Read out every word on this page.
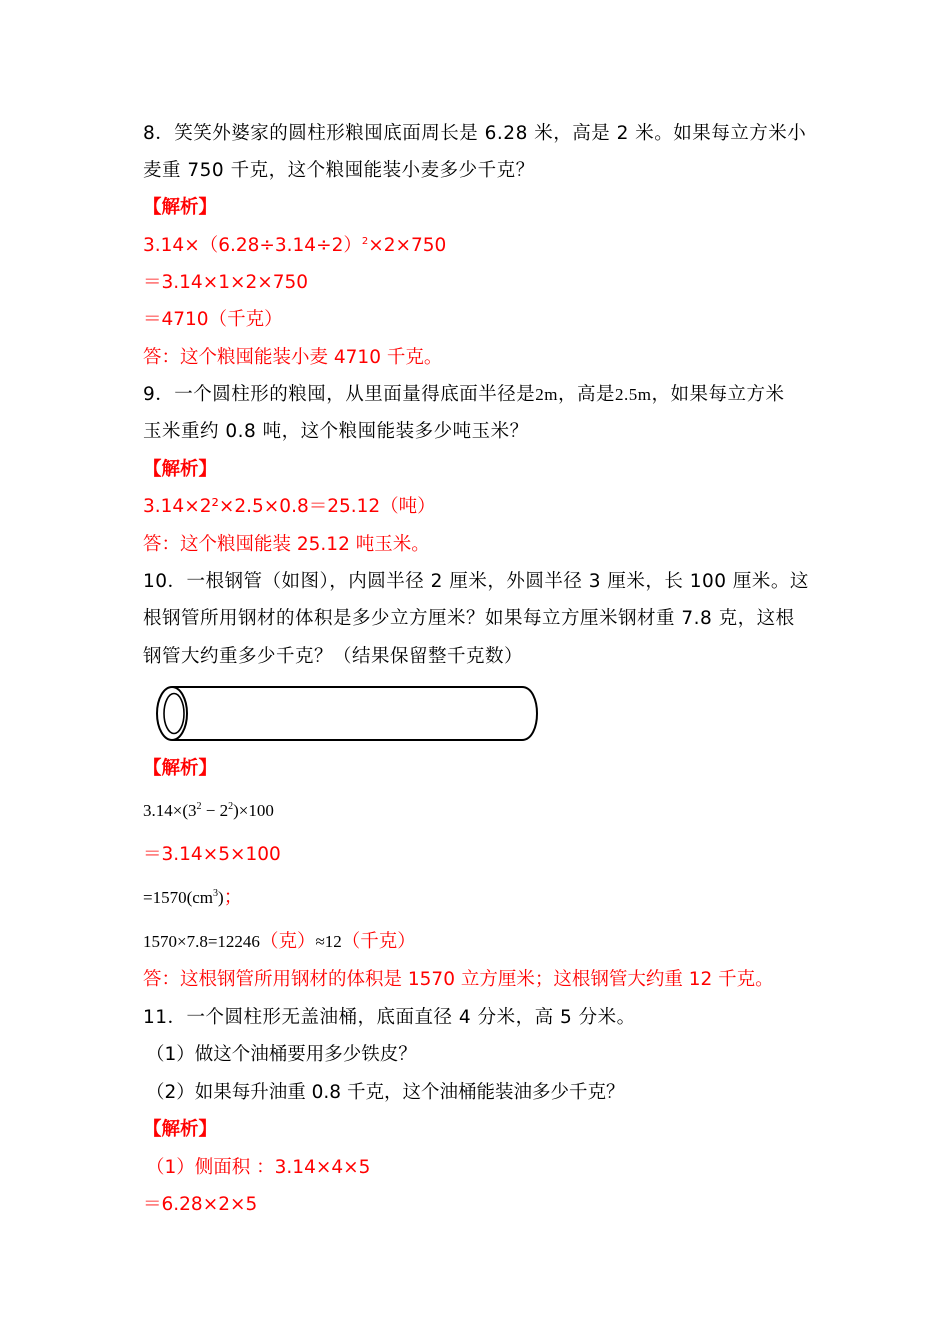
8．笑笑外婆家的圆柱形粮囤底面周长是 6.28 米，高是 2 米。如果每立方米小
麦重 750 千克，这个粮囤能装小麦多少千克？
【解析】
$3.14\times(6.28\div 3.14\div 2)^2\times 2\times 750$
＝3.14×1×2×750
＝4710（千克）
答：这个粮囤能装小麦 4710 千克。
9．一个圆柱形的粮囤，从里面量得底面半径是2m，高是2.5m，如果每立方米
玉米重约 0.8 吨，这个粮囤能装多少吨玉米？
【解析】
3.14×2²×2.5×0.8＝25.12（吨）
答：这个粮囤能装 25.12 吨玉米。
10．一根钢管（如图），内圆半径 2 厘米，外圆半径 3 厘米，长 100 厘米。这
根钢管所用钢材的体积是多少立方厘米？如果每立方厘米钢材重 7.8 克，这根
钢管大约重多少千克？（结果保留整千克数）
【解析】
$3.14\times(3^2 - 2^2)\times 100$
＝3.14×5×100
$=1570(cm^3)$；
1570×7.8=12246（克）≈12（千克）
答：这根钢管所用钢材的体积是 1570 立方厘米；这根钢管大约重 12 千克。
11．一个圆柱形无盖油桶，底面直径 4 分米，高 5 分米。
（1）做这个油桶要用多少铁皮？
（2）如果每升油重 0.8 千克，这个油桶能装油多少千克？
【解析】
（1）侧面积 ：3.14×4×5
＝6.28×2×5
